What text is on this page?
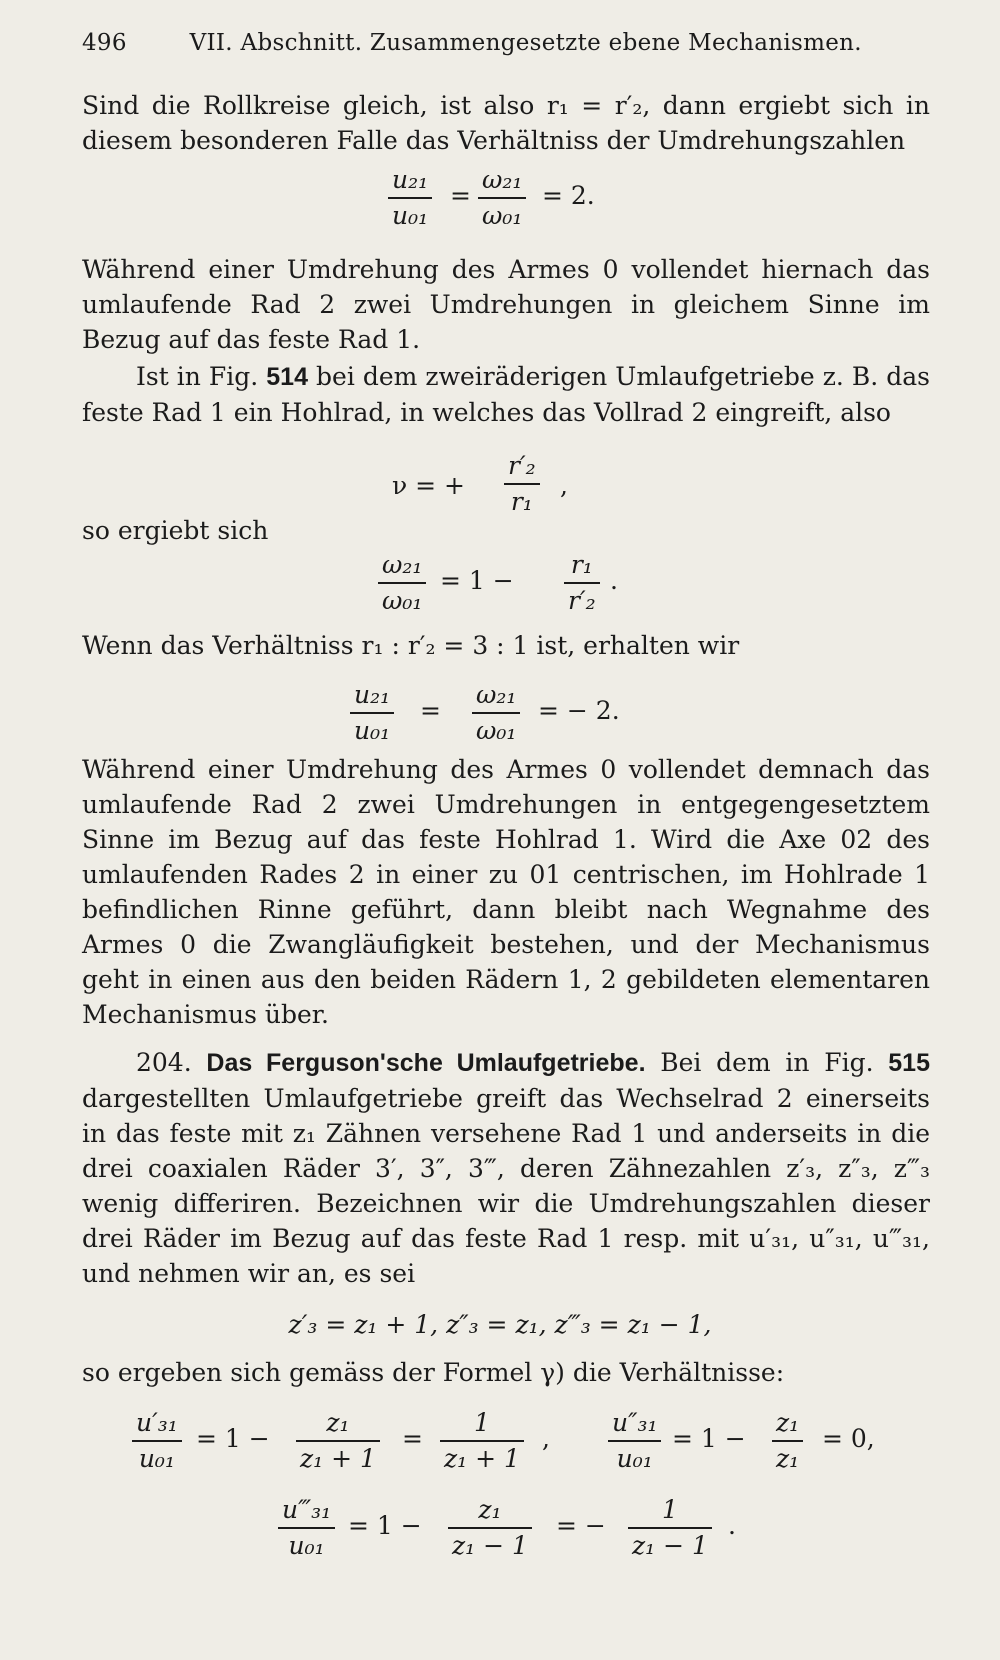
496	VII. Abschnitt. Zusammengesetzte ebene Mechanismen.

Sind die Rollkreise gleich, ist also r₁ = r′₂, dann ergiebt sich in diesem besonderen Falle das Verhältniss der Umdrehungszahlen

$\frac{\text{u₂₁}}{\text{u₀₁}} = \frac{\text{ω₂₁}}{\text{ω₀₁}} = 2$.

Während einer Umdrehung des Armes 0 vollendet hiernach das umlaufende Rad 2 zwei Umdrehungen in gleichem Sinne im Bezug auf das feste Rad 1.

Ist in Fig. 514 bei dem zweiräderigen Umlaufgetriebe z. B. das feste Rad 1 ein Hohlrad, in welches das Vollrad 2 eingreift, also

ν = + $\frac{\text{r′₂}}{\text{r₁}}$ ,

so ergiebt sich

$\frac{\text{ω₂₁}}{\text{ω₀₁}} = 1 - \frac{\text{r₁}}{\text{r′₂}}$ .

Wenn das Verhältniss r₁ : r′₂ = 3 : 1 ist, erhalten wir

$\frac{\text{u₂₁}}{\text{u₀₁}} = \frac{\text{ω₂₁}}{\text{ω₀₁}}$ = − 2.

Während einer Umdrehung des Armes 0 vollendet demnach das umlaufende Rad 2 zwei Umdrehungen in entgegengesetztem Sinne im Bezug auf das feste Hohlrad 1. Wird die Axe 02 des umlaufenden Rades 2 in einer zu 01 centrischen, im Hohlrade 1 befindlichen Rinne geführt, dann bleibt nach Wegnahme des Armes 0 die Zwangläufigkeit bestehen, und der Mechanismus geht in einen aus den beiden Rädern 1, 2 gebildeten elementaren Mechanismus über.

204. Das Ferguson'sche Umlaufgetriebe. Bei dem in Fig. 515 dargestellten Umlaufgetriebe greift das Wechselrad 2 einerseits in das feste mit z₁ Zähnen versehene Rad 1 und anderseits in die drei coaxialen Räder 3′, 3″, 3‴, deren Zähnezahlen z′₃, z″₃, z‴₃ wenig differiren. Bezeichnen wir die Umdrehungszahlen dieser drei Räder im Bezug auf das feste Rad 1 resp. mit u′₃₁, u″₃₁, u‴₃₁, und nehmen wir an, es sei

z′₃ = z₁ + 1, z″₃ = z₁, z‴₃ = z₁ − 1,

so ergeben sich gemäss der Formel γ) die Verhältnisse:

$\frac{\text{u′₃₁}}{\text{u₀₁}} = 1 - \frac{\text{z₁}}{\text{z₁ + 1}} = \frac{1}{\text{z₁ + 1}}$ , $\frac{\text{u″₃₁}}{\text{u₀₁}} = 1 - \frac{\text{z₁}}{\text{z₁}} = 0$,
$\frac{\text{u‴₃₁}}{\text{u₀₁}} = 1 - \frac{\text{z₁}}{\text{z₁ − 1}}$ = − $\frac{1}{\text{z₁ − 1}}$ .
